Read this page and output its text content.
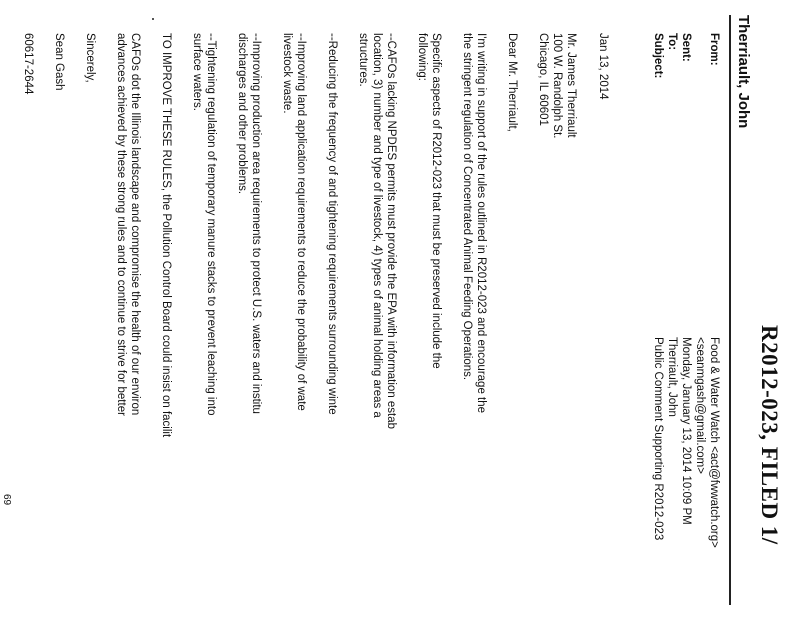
R2012-023, FILED 1/
Therriault, John
From:
Food & Water Watch <act@fwwatch.org>
<seanmgash@gmail.com>
Sent:
Monday, January 13, 2014 10:09 PM
To:
Therriault, John
Subject:
Public Comment Supporting R2012-023
Jan 13, 2014
Mr. James Therriault
100 W. Randolph St.
Chicago, IL 60601
Dear Mr. Therriault,
I'm writing in support of the rules outlined in R2012-023 and encourage the
the stringent regulation of Concentrated Animal Feeding Operations.
Specific aspects of R2012-023 that must be preserved include the
following:
--CAFOs lacking NPDES permits must provide the EPA with information estab
location, 3) number and type of livestock, 4) types of animal holding areas a
structures.
--Reducing the frequency of and tightening requirements surrounding winte
--Improving land application requirements to reduce the probability of wate
livestock waste.
--Improving production area requirements to protect U.S. waters and institu
discharges and other problems.
--Tightening regulation of temporary manure stacks to prevent leaching into
surface waters.
TO IMPROVE THESE RULES, the Pollution Control Board could insist on facilit
CAFOs dot the Illinois landscape and compromise the health of our environ
advances achieved by these strong rules and to continue to strive for better
Sincerely,
Sean Gash
60617-2644
69
